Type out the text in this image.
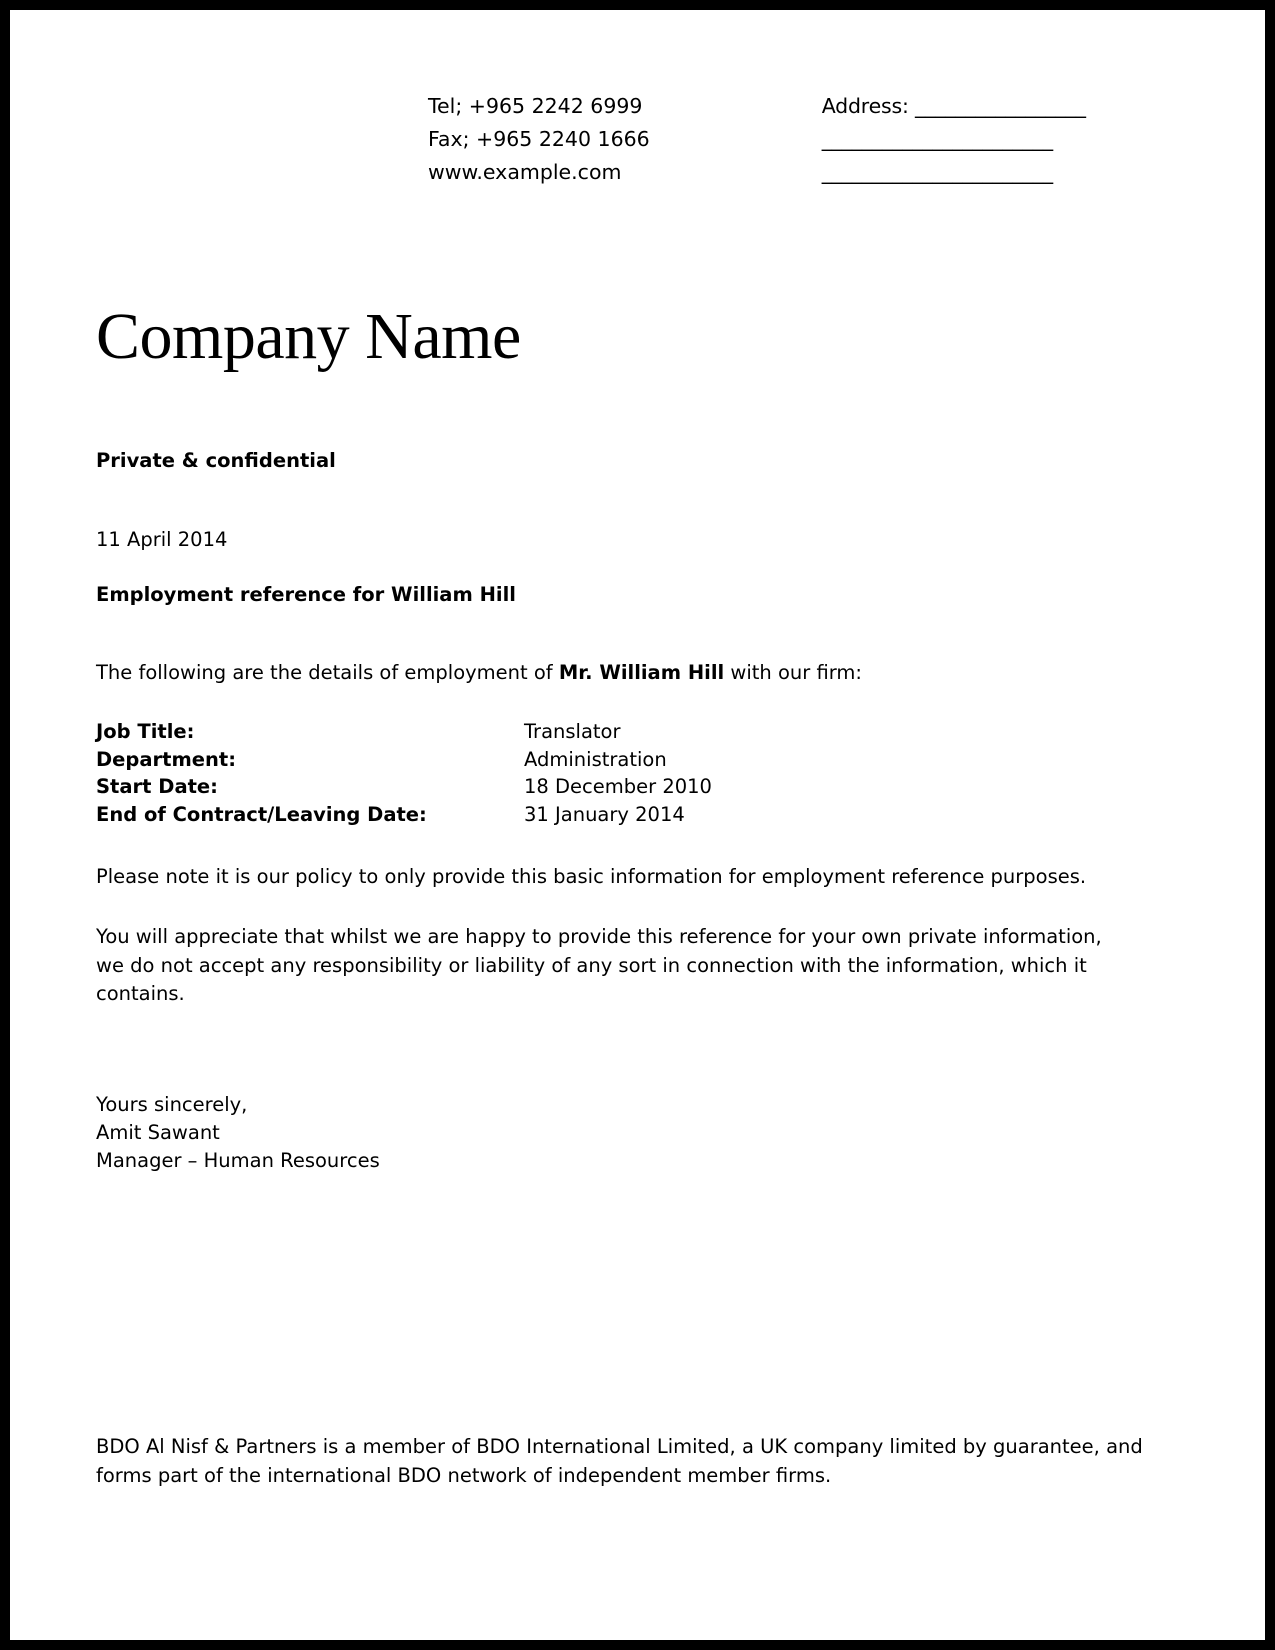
Tel; +965 2242 6999
Fax; +965 2240 1666
www.example.com
Address: _________________
_______________________
_______________________
Company Name
Private & confidential
11 April 2014
Employment reference for William Hill
The following are the details of employment of Mr. William Hill with our firm:
Job Title:	Translator
Department:	Administration
Start Date:	18 December 2010
End of Contract/Leaving Date:	31 January 2014

Please note it is our policy to only provide this basic information for employment reference purposes.

You will appreciate that whilst we are happy to provide this reference for your own private information, we do not accept any responsibility or liability of any sort in connection with the information, which it contains.

Yours sincerely,
Amit Sawant
Manager – Human Resources
BDO Al Nisf & Partners is a member of BDO International Limited, a UK company limited by guarantee, and forms part of the international BDO network of independent member firms.
